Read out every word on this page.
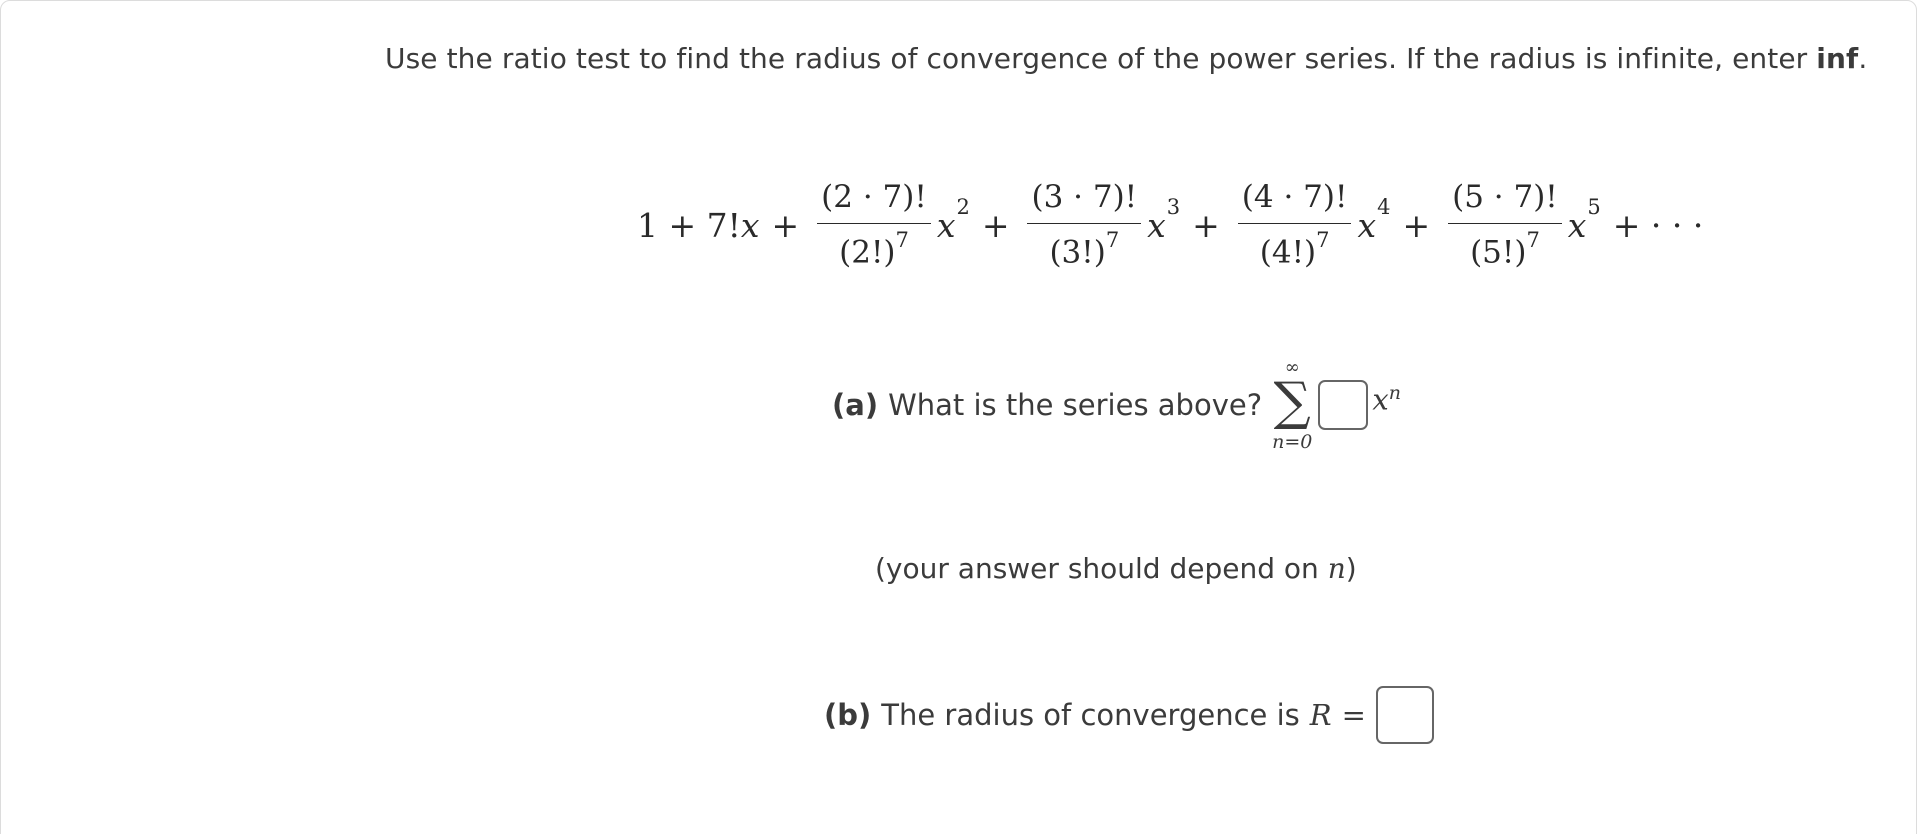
Use the ratio test to find the radius of convergence of the power series. If the radius is infinite, enter inf.
1 + 7! $x + \frac{(2 \cdot 7)!}{(2!)^7}$ x $2 + \frac{(3 \cdot 7)!}{(3!)^7}$ x $3 + \frac{(4 \cdot 7)!}{(4!)^7}$ x $4 + \frac{(5 \cdot 7)!}{(5!)^7}$ x 5 + · · ·
(a) What is the series above?
∞
∑
n=0
$x^n$
(your answer should depend on n)
(b) The radius of convergence is R =
